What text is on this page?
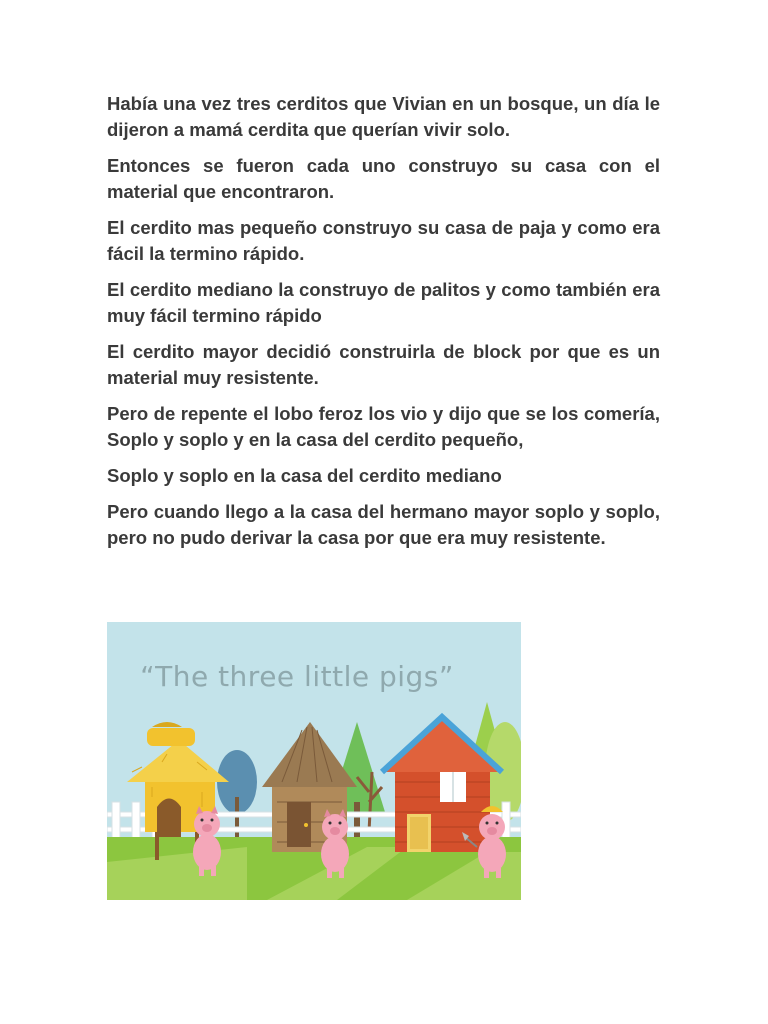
Había una vez tres cerditos que Vivian en un bosque, un día le dijeron a mamá cerdita que querían vivir solo.

Entonces se fueron cada uno construyo su casa con el material que encontraron.

El cerdito mas pequeño construyo su casa de paja y como era fácil la termino rápido.

El cerdito mediano la construyo de palitos y como también era muy fácil termino rápido

El cerdito mayor decidió construirla de block por que es un material muy resistente.

Pero de repente el lobo feroz los vio y dijo que se los comería, Soplo y soplo y en la casa del cerdito pequeño,

Soplo y soplo en la casa del cerdito mediano

Pero cuando llego a la casa del hermano mayor soplo y soplo, pero no pudo derivar la casa por que era muy resistente.

“The three little pigs”
